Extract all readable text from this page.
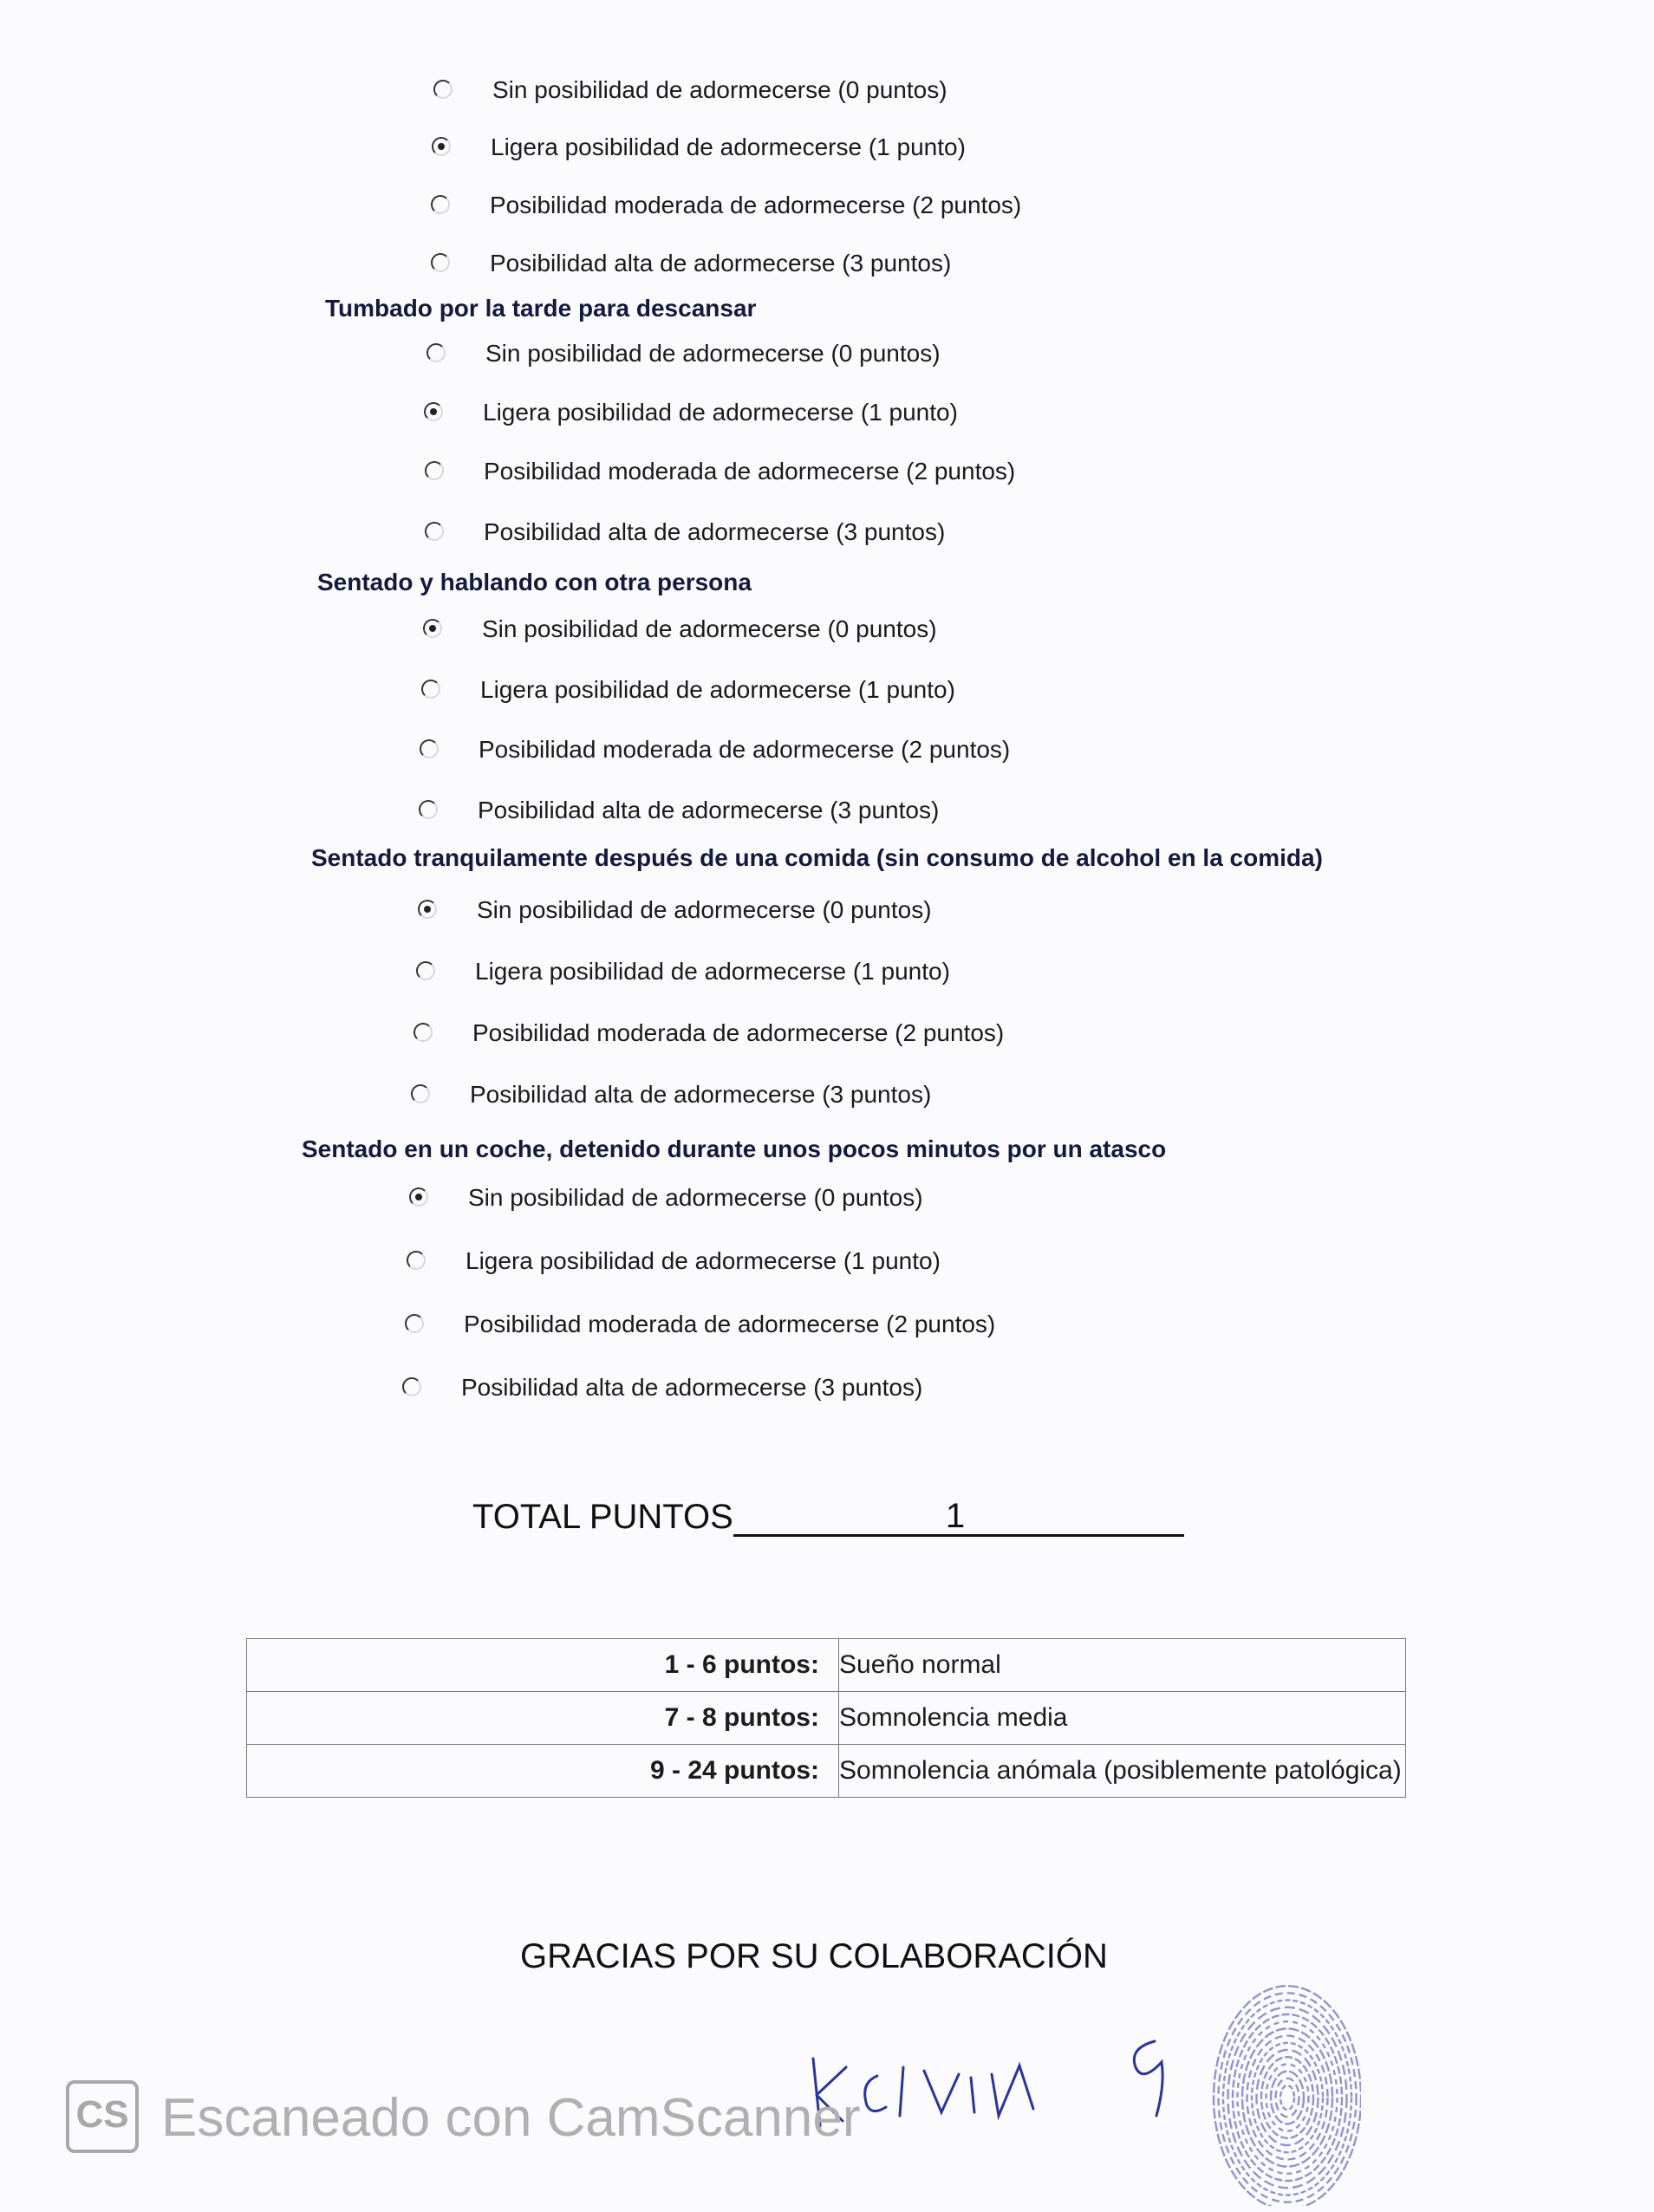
Sin posibilidad de adormecerse (0 puntos)
Ligera posibilidad de adormecerse (1 punto)
Posibilidad moderada de adormecerse (2 puntos)
Posibilidad alta de adormecerse (3 puntos)
Tumbado por la tarde para descansar
Sin posibilidad de adormecerse (0 puntos)
Ligera posibilidad de adormecerse (1 punto)
Posibilidad moderada de adormecerse (2 puntos)
Posibilidad alta de adormecerse (3 puntos)
Sentado y hablando con otra persona
Sin posibilidad de adormecerse (0 puntos)
Ligera posibilidad de adormecerse (1 punto)
Posibilidad moderada de adormecerse (2 puntos)
Posibilidad alta de adormecerse (3 puntos)
Sentado tranquilamente después de una comida (sin consumo de alcohol en la comida)
Sin posibilidad de adormecerse (0 puntos)
Ligera posibilidad de adormecerse (1 punto)
Posibilidad moderada de adormecerse (2 puntos)
Posibilidad alta de adormecerse (3 puntos)
Sentado en un coche, detenido durante unos pocos minutos por un atasco
Sin posibilidad de adormecerse (0 puntos)
Ligera posibilidad de adormecerse (1 punto)
Posibilidad moderada de adormecerse (2 puntos)
Posibilidad alta de adormecerse (3 puntos)
TOTAL PUNTOS	1
1 - 6 puntos:	Sueño normal
7 - 8 puntos:	Somnolencia media
9 - 24 puntos:	Somnolencia anómala (posiblemente patológica)
GRACIAS POR SU COLABORACIÓN
CS Escaneado con CamScanner
